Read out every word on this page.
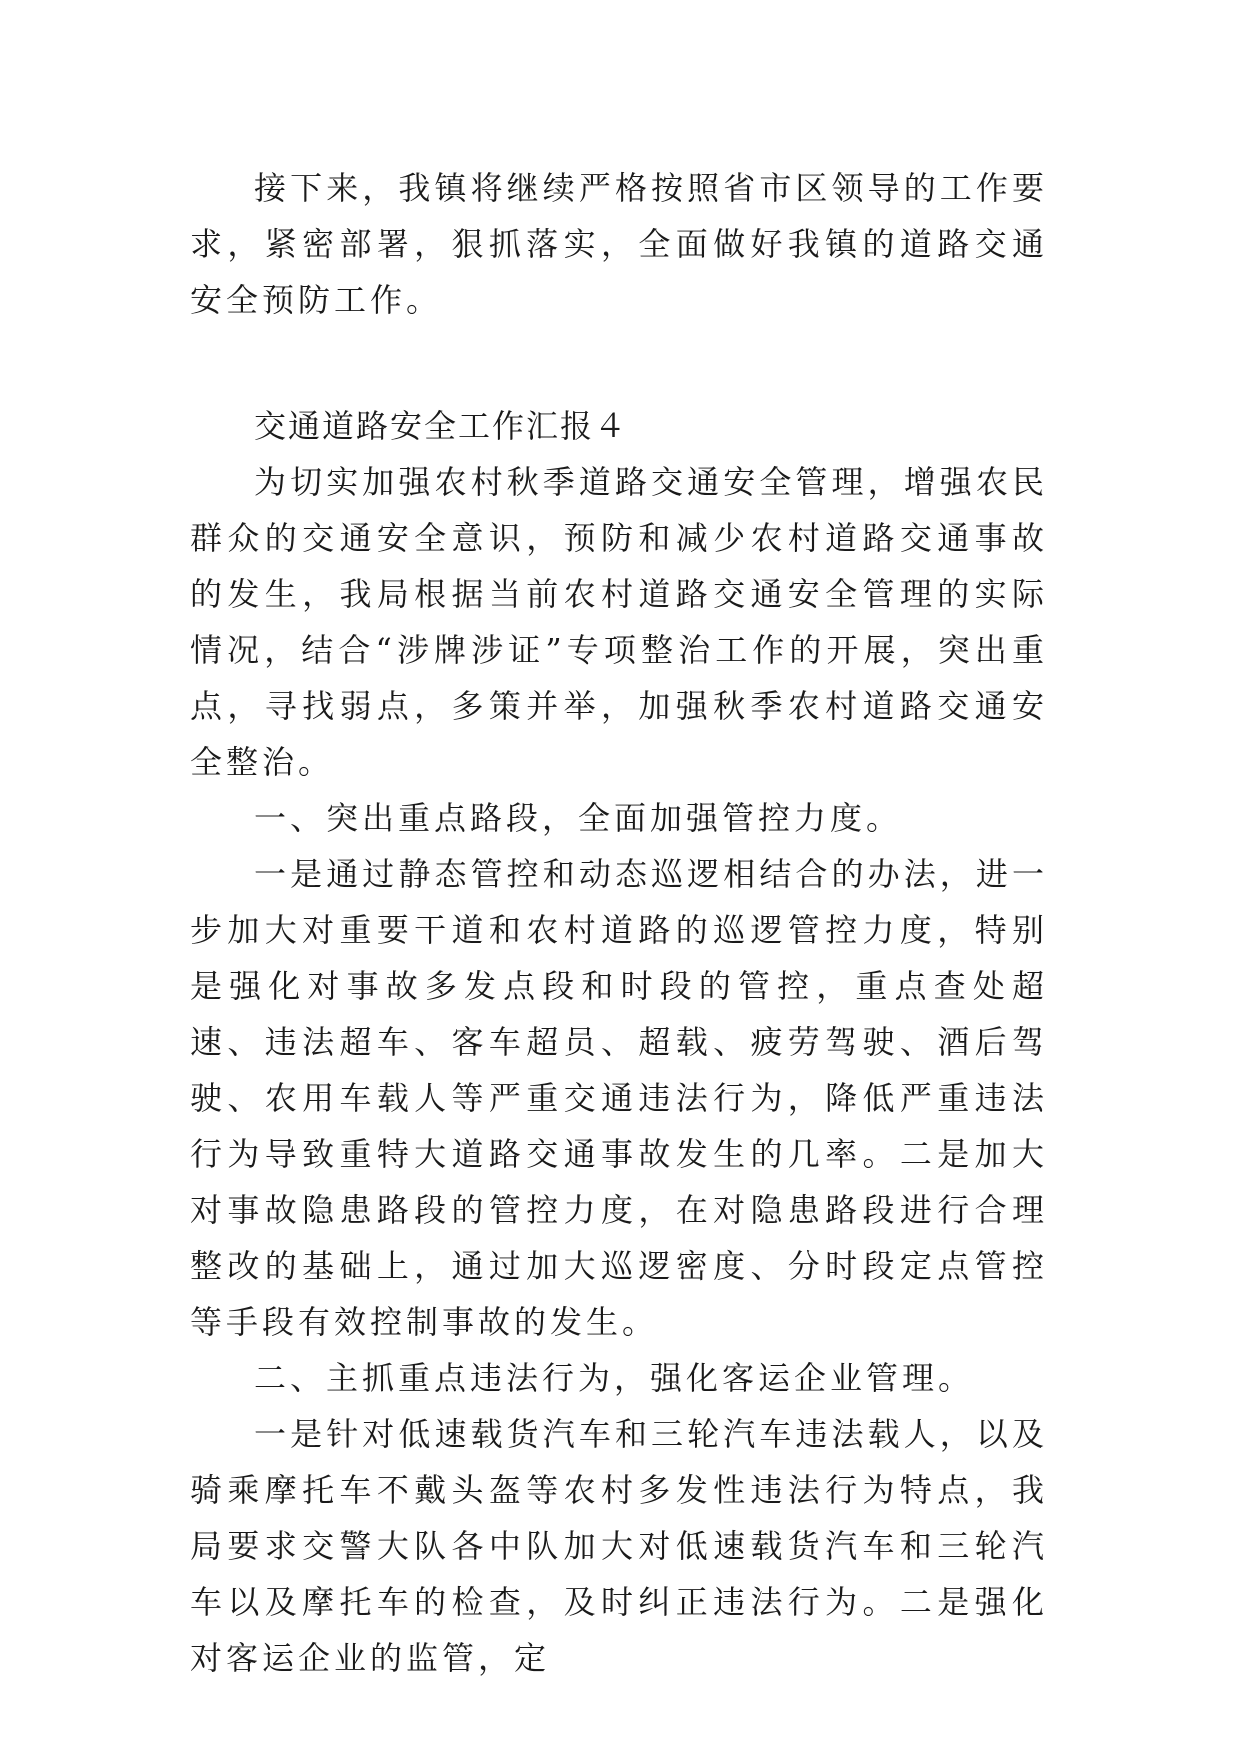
接下来，我镇将继续严格按照省市区领导的工作要求，紧密部署，狠抓落实，全面做好我镇的道路交通安全预防工作。

交通道路安全工作汇报４

为切实加强农村秋季道路交通安全管理，增强农民群众的交通安全意识，预防和减少农村道路交通事故的发生，我局根据当前农村道路交通安全管理的实际情况，结合“涉牌涉证”专项整治工作的开展，突出重点，寻找弱点，多策并举，加强秋季农村道路交通安全整治。

一、突出重点路段，全面加强管控力度。

一是通过静态管控和动态巡逻相结合的办法，进一步加大对重要干道和农村道路的巡逻管控力度，特别是强化对事故多发点段和时段的管控，重点查处超速、违法超车、客车超员、超载、疲劳驾驶、酒后驾驶、农用车载人等严重交通违法行为，降低严重违法行为导致重特大道路交通事故发生的几率。二是加大对事故隐患路段的管控力度，在对隐患路段进行合理整改的基础上，通过加大巡逻密度、分时段定点管控等手段有效控制事故的发生。

二、主抓重点违法行为，强化客运企业管理。

一是针对低速载货汽车和三轮汽车违法载人，以及骑乘摩托车不戴头盔等农村多发性违法行为特点，我局要求交警大队各中队加大对低速载货汽车和三轮汽车以及摩托车的检查，及时纠正违法行为。二是强化对客运企业的监管，定
